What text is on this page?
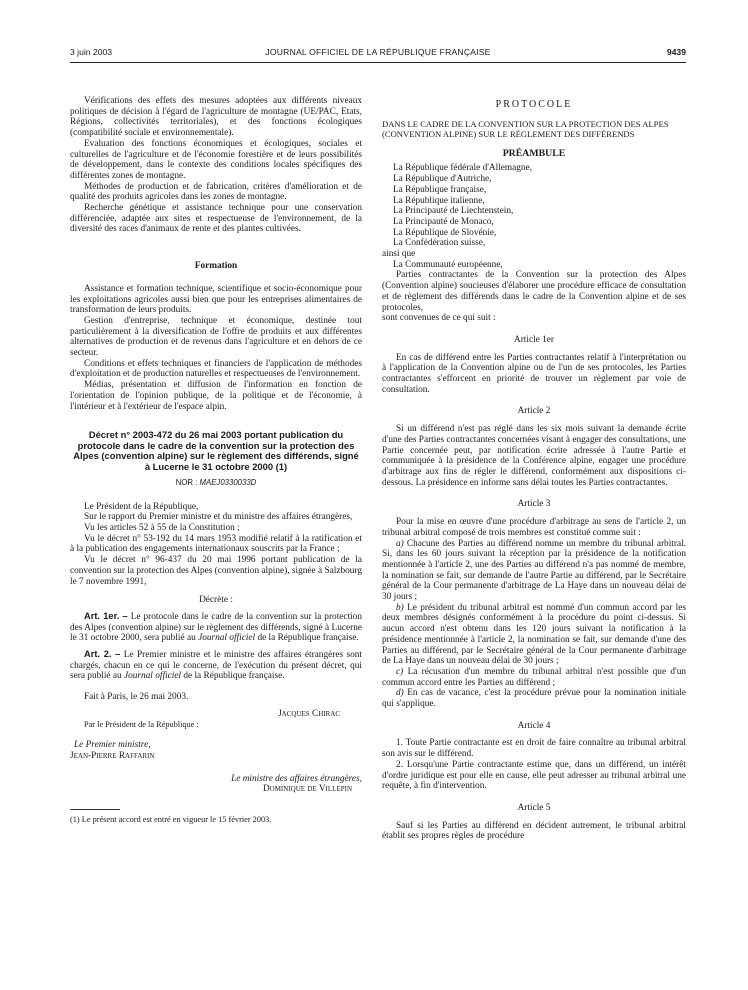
3 juin 2003	JOURNAL OFFICIEL DE LA RÉPUBLIQUE FRANÇAISE	9439

Vérifications des effets des mesures adoptées aux différents niveaux politiques de décision à l'égard de l'agriculture de montagne (UE/PAC, Etats, Régions, collectivités territoriales), et des fonctions écologiques (compatibilité sociale et environnementale).

Evaluation des fonctions économiques et écologiques, sociales et culturelles de l'agriculture et de l'économie forestière et de leurs possibilités de développement, dans le contexte des conditions locales spécifiques des différentes zones de montagne.

Méthodes de production et de fabrication, critères d'amélioration et de qualité des produits agricoles dans les zones de montagne.

Recherche génétique et assistance technique pour une conservation différenciée, adaptée aux sites et respectueuse de l'environnement, de la diversité des races d'animaux de rente et des plantes cultivées.

Formation

Assistance et formation technique, scientifique et socio-économique pour les exploitations agricoles aussi bien que pour les entreprises alimentaires de transformation de leurs produits.

Gestion d'entreprise, technique et économique, destinée tout particulièrement à la diversification de l'offre de produits et aux différentes alternatives de production et de revenus dans l'agriculture et en dehors de ce secteur.

Conditions et effets techniques et financiers de l'application de méthodes d'exploitation et de production naturelles et respectueuses de l'environnement.

Médias, présentation et diffusion de l'information en fonction de l'orientation de l'opinion publique, de la politique et de l'économie, à l'intérieur et à l'extérieur de l'espace alpin.

Décret n° 2003-472 du 26 mai 2003 portant publication du protocole dans le cadre de la convention sur la protection des Alpes (convention alpine) sur le règlement des différends, signé à Lucerne le 31 octobre 2000 (1)

NOR : MAEJ0330033D

Le Président de la République,

Sur le rapport du Premier ministre et du ministre des affaires étrangères,

Vu les articles 52 à 55 de la Constitution ;

Vu le décret n° 53-192 du 14 mars 1953 modifié relatif à la ratification et à la publication des engagements internationaux souscrits par la France ;

Vu le décret n° 96-437 du 20 mai 1996 portant publication de la convention sur la protection des Alpes (convention alpine), signée à Salzbourg le 7 novembre 1991,

Décrète :

Art. 1er. – Le protocole dans le cadre de la convention sur la protection des Alpes (convention alpine) sur le règlement des différends, signé à Lucerne le 31 octobre 2000, sera publié au Journal officiel de la République française.

Art. 2. – Le Premier ministre et le ministre des affaires étrangères sont chargés, chacun en ce qui le concerne, de l'exécution du présent décret, qui sera publié au Journal officiel de la République française.

Fait à Paris, le 26 mai 2003.

Jacques Chirac

Par le Président de la République :

Le Premier ministre,

Jean-Pierre Raffarin

Le ministre des affaires étrangères,

Dominique de Villepin

(1) Le présent accord est entré en vigueur le 15 février 2003.

PROTOCOLE

DANS LE CADRE DE LA CONVENTION SUR LA PROTECTION DES ALPES (CONVENTION ALPINE) SUR LE RÈGLEMENT DES DIFFÉRENDS

PRÉAMBULE

La République fédérale d'Allemagne,

La République d'Autriche,

La République française,

La République italienne,

La Principauté de Liechtenstein,

La Principauté de Monaco,

La République de Slovénie,

La Confédération suisse,

ainsi que

La Communauté européenne,

Parties contractantes de la Convention sur la protection des Alpes (Convention alpine) soucieuses d'élaborer une procédure efficace de consultation et de règlement des différends dans le cadre de la Convention alpine et de ses protocoles,

sont convenues de ce qui suit :

Article 1er

En cas de différend entre les Parties contractantes relatif à l'interprétation ou à l'application de la Convention alpine ou de l'un de ses protocoles, les Parties contractantes s'efforcent en priorité de trouver un règlement par voie de consultation.

Article 2

Si un différend n'est pas réglé dans les six mois suivant la demande écrite d'une des Parties contractantes concernées visant à engager des consultations, une Partie concernée peut, par notification écrite adressée à l'autre Partie et communiquée à la présidence de la Conférence alpine, engager une procédure d'arbitrage aux fins de régler le différend, conformément aux dispositions ci-dessous. La présidence en informe sans délai toutes les Parties contractantes.

Article 3

Pour la mise en œuvre d'une procédure d'arbitrage au sens de l'article 2, un tribunal arbitral composé de trois membres est constitué comme suit :

a) Chacune des Parties au différend nomme un membre du tribunal arbitral. Si, dans les 60 jours suivant la réception par la présidence de la notification mentionnée à l'article 2, une des Parties au différend n'a pas nommé de membre, la nomination se fait, sur demande de l'autre Partie au différend, par le Secrétaire général de la Cour permanente d'arbitrage de La Haye dans un nouveau délai de 30 jours ;

b) Le président du tribunal arbitral est nommé d'un commun accord par les deux membres désignés conformément à la procédure du point ci-dessus. Si aucun accord n'est obtenu dans les 120 jours suivant la notification à la présidence mentionnée à l'article 2, la nomination se fait, sur demande d'une des Parties au différend, par le Secrétaire général de la Cour permanente d'arbitrage de La Haye dans un nouveau délai de 30 jours ;

c) La récusation d'un membre du tribunal arbitral n'est possible que d'un commun accord entre les Parties au différend ;

d) En cas de vacance, c'est la procédure prévue pour la nomination initiale qui s'applique.

Article 4

1. Toute Partie contractante est en droit de faire connaître au tribunal arbitral son avis sur le différend.

2. Lorsqu'une Partie contractante estime que, dans un différend, un intérêt d'ordre juridique est pour elle en cause, elle peut adresser au tribunal arbitral une requête, à fin d'intervention.

Article 5

Sauf si les Parties au différend en décident autrement, le tribunal arbitral établit ses propres règles de procédure
